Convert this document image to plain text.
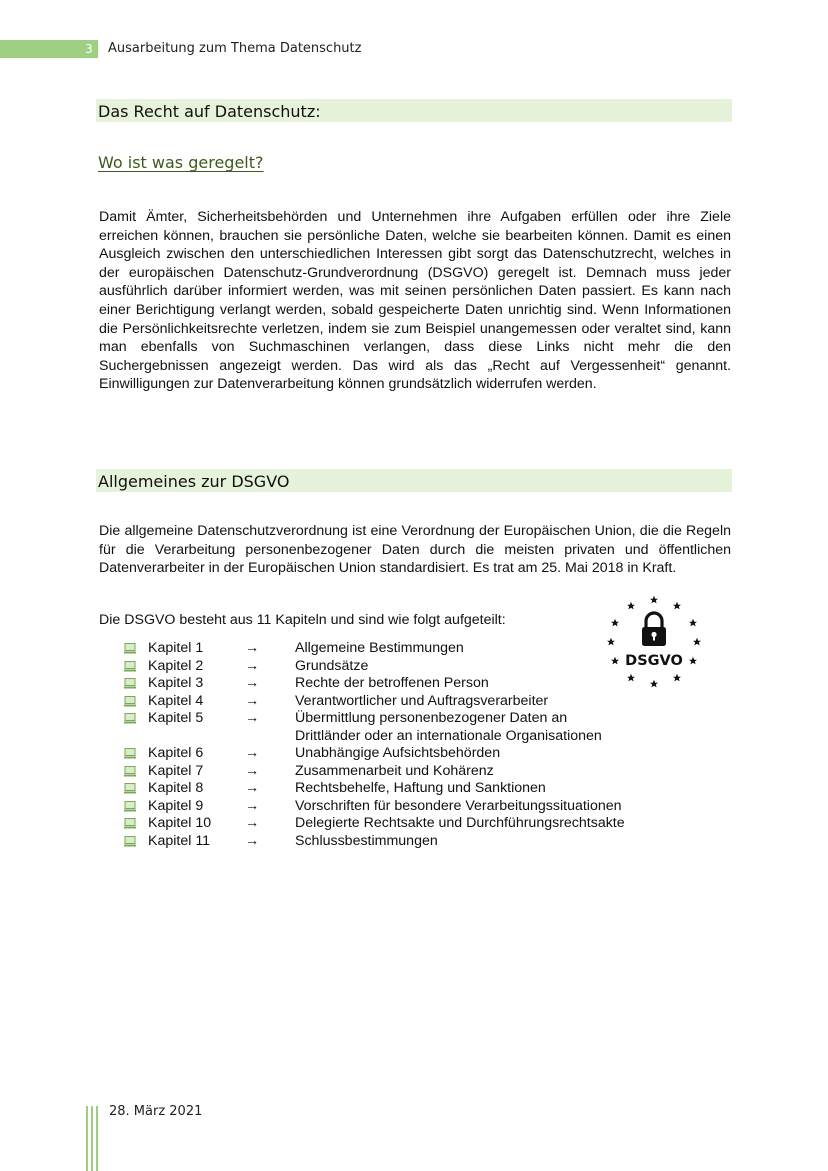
3	Ausarbeitung zum Thema Datenschutz
Das Recht auf Datenschutz:
Wo ist was geregelt?

Damit Ämter, Sicherheitsbehörden und Unternehmen ihre Aufgaben erfüllen oder ihre Ziele erreichen können, brauchen sie persönliche Daten, welche sie bearbeiten können. Damit es einen Ausgleich zwischen den unterschiedlichen Interessen gibt sorgt das Datenschutzrecht, welches in der europäischen Datenschutz-Grundverordnung (DSGVO) geregelt ist. Demnach muss jeder ausführlich darüber informiert werden, was mit seinen persönlichen Daten passiert. Es kann nach einer Berichtigung verlangt werden, sobald gespeicherte Daten unrichtig sind. Wenn Informationen die Persönlichkeitsrechte verletzen, indem sie zum Beispiel unangemessen oder veraltet sind, kann man ebenfalls von Suchmaschinen verlangen, dass diese Links nicht mehr die den Suchergebnissen angezeigt werden. Das wird als das „Recht auf Vergessenheit“ genannt. Einwilligungen zur Datenverarbeitung können grundsätzlich widerrufen werden.

Allgemeines zur DSGVO

Die allgemeine Datenschutzverordnung ist eine Verordnung der Europäischen Union, die die Regeln für die Verarbeitung personenbezogener Daten durch die meisten privaten und öffentlichen Datenverarbeiter in der Europäischen Union standardisiert. Es trat am 25. Mai 2018 in Kraft.

Die DSGVO besteht aus 11 Kapiteln und sind wie folgt aufgeteilt:

Kapitel 1	→	Allgemeine Bestimmungen
Kapitel 2	→	Grundsätze
Kapitel 3	→	Rechte der betroffenen Person
Kapitel 4	→	Verantwortlicher und Auftragsverarbeiter
Kapitel 5	→	Übermittlung personenbezogener Daten an
Drittländer oder an internationale Organisationen
Kapitel 6	→	Unabhängige Aufsichtsbehörden
Kapitel 7	→	Zusammenarbeit und Kohärenz
Kapitel 8	→	Rechtsbehelfe, Haftung und Sanktionen
Kapitel 9	→	Vorschriften für besondere Verarbeitungssituationen
Kapitel 10 →	Delegierte Rechtsakte und Durchführungsrechtsakte
Kapitel 11 →	Schlussbestimmungen
DSGVO
28. März 2021
